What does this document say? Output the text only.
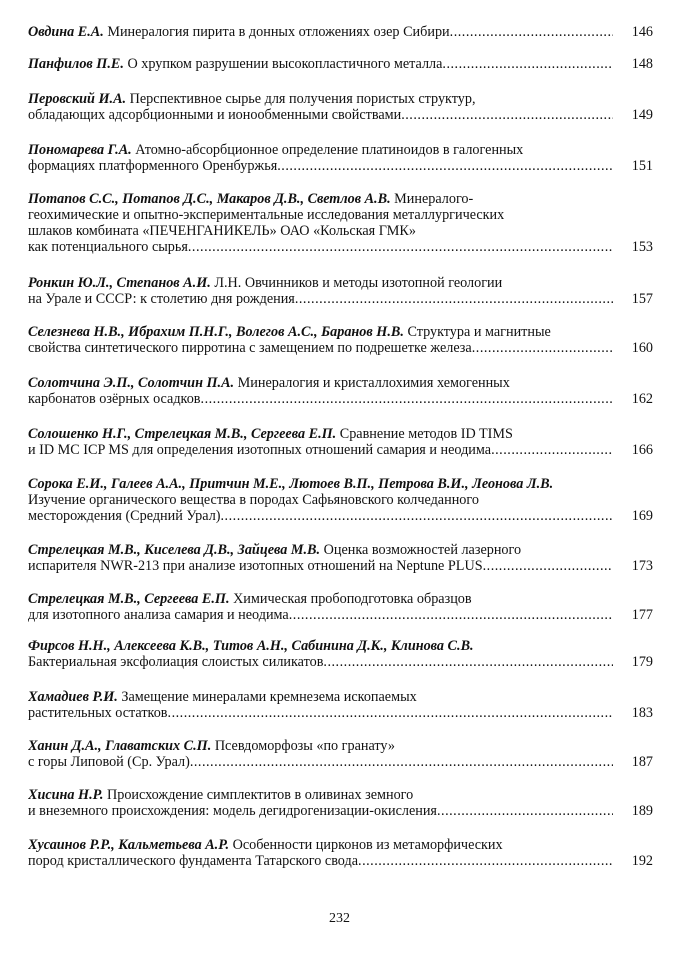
Овдина Е.А. Минералогия пирита в донных отложениях озер Сибири .....	146
Панфилов П.Е. О хрупком разрушении высокопластичного металла .....	148
Перовский И.А. Перспективное сырье для получения пористых структур,
обладающих адсорбционными и ионообменными свойствами .....	149
Пономарева Г.А. Атомно-абсорбционное определение платиноидов в галогенных
формациях платформенного Оренбуржья .....	151
Потапов С.С., Потапов Д.С., Макаров Д.В., Светлов А.В. Минералого-
геохимические и опытно-экспериментальные исследования металлургических
шлаков комбината «ПЕЧЕНГАНИКЕЛЬ» ОАО «Кольская ГМК»
как потенциального сырья .....	153
Ронкин Ю.Л., Степанов А.И. Л.Н. Овчинников и методы изотопной геологии
на Урале и СССР: к столетию дня рождения .....	157
Селезнева Н.В., Ибрахим П.Н.Г., Волегов А.С., Баранов Н.В. Структура и магнитные
свойства синтетического пирротина с замещением по подрешетке железа .....	160
Солотчина Э.П., Солотчин П.А. Минералогия и кристаллохимия хемогенных
карбонатов озёрных осадков .....	162
Солошенко Н.Г., Стрелецкая М.В., Сергеева Е.П. Сравнение методов ID TIMS
и ID MC ICP MS для определения изотопных отношений самария и неодима .....	166
Сорока Е.И., Галеев А.А., Притчин М.Е., Лютоев В.П., Петрова В.И., Леонова Л.В.
Изучение органического вещества в породах Сафьяновского колчеданного
месторождения (Средний Урал) .....	169
Стрелецкая М.В., Киселева Д.В., Зайцева М.В. Оценка возможностей лазерного
испарителя NWR-213 при анализе изотопных отношений на Neptune PLUS .....	173
Стрелецкая М.В., Сергеева Е.П. Химическая пробоподготовка образцов
для изотопного анализа самария и неодима .....	177
Фирсов Н.Н., Алексеева К.В., Титов А.Н., Сабинина Д.К., Клинова С.В.
Бактериальная эксфолиация слоистых силикатов .....	179
Хамадиев Р.И. Замещение минералами кремнезема ископаемых
растительных остатков .....	183
Ханин Д.А., Главатских С.П. Псевдоморфозы «по гранату»
с горы Липовой (Ср. Урал) .....	187
Хисина Н.Р. Происхождение симплектитов в оливинах земного
и внеземного происхождения: модель дегидрогенизации-окисления .....	189
Хусаинов Р.Р., Кальметьева А.Р. Особенности цирконов из метаморфических
пород кристаллического фундамента Татарского свода .....	192
232
